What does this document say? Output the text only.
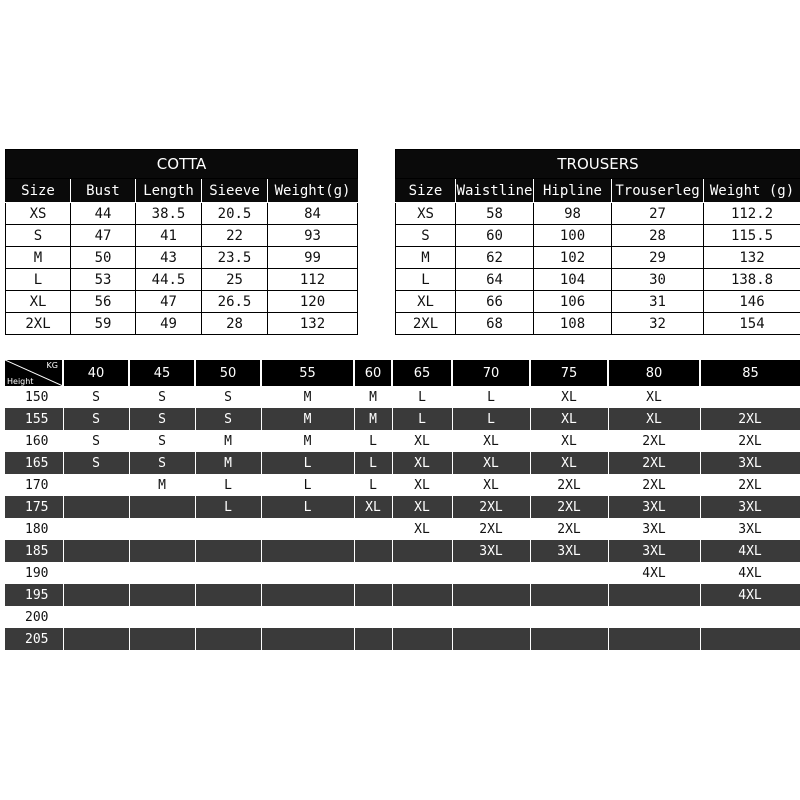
COTTA				
Size	Bust	Length	Sieeve	Weight(g)
XS	44	38.5	20.5	84
S	47	41	22	93
M	50	43	23.5	99
L	53	44.5	25	112
XL	56	47	26.5	120
2XL	59	49	28	132
TROUSERS				
Size	Waistline	Hipline	Trouserleg	Weight (g)
XS	58	98	27	112.2
S	60	100	28	115.5
M	62	102	29	132
L	64	104	30	138.8
XL	66	106	31	146
2XL	68	108	32	154
KG
Height	40	45	50	55	60	65	70	75	80	85
150	S	S	S	M	M	L	L	XL	XL	
155	S	S	S	M	M	L	L	XL	XL	2XL
160	S	S	M	M	L	XL	XL	XL	2XL	2XL
165	S	S	M	L	L	XL	XL	XL	2XL	3XL
170		M	L	L	L	XL	XL	2XL	2XL	2XL
175			L	L	XL	XL	2XL	2XL	3XL	3XL
180						XL	2XL	2XL	3XL	3XL
185							3XL	3XL	3XL	4XL
190									4XL	4XL
195										4XL
200										
205										
